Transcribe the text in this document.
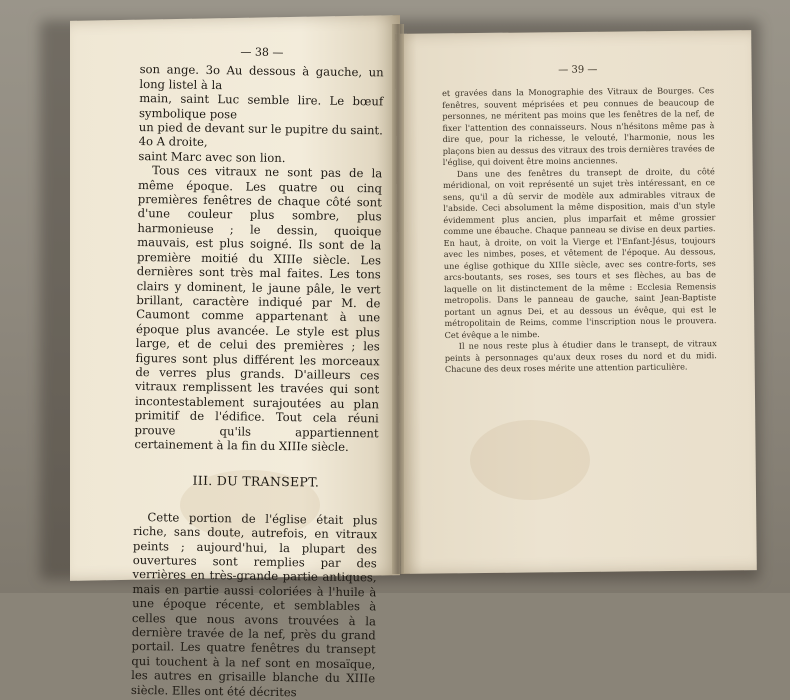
— 38 —

son ange. 3o Au dessous à gauche, un long listel à la

main, saint Luc semble lire. Le bœuf symbolique pose

un pied de devant sur le pupitre du saint. 4o A droite,

saint Marc avec son lion.

Tous ces vitraux ne sont pas de la même époque. Les quatre ou cinq premières fenêtres de chaque côté sont d'une couleur plus sombre, plus harmonieuse ; le dessin, quoique mauvais, est plus soigné. Ils sont de la première moitié du XIIIe siècle. Les dernières sont très mal faites. Les tons clairs y dominent, le jaune pâle, le vert brillant, caractère indiqué par M. de Caumont comme appartenant à une époque plus avancée. Le style est plus large, et de celui des premières ; les figures sont plus différent les morceaux de verres plus grands. D'ailleurs ces vitraux remplissent les travées qui sont incontestablement surajoutées au plan primitif de l'édifice. Tout cela réuni prouve qu'ils appartiennent certainement à la fin du XIIIe siècle.

III. DU TRANSEPT.

Cette portion de l'église était plus riche, sans doute, autrefois, en vitraux peints ; aujourd'hui, la plupart des ouvertures sont remplies par des verrières en très-grande partie antiques, mais en partie aussi coloriées à l'huile à une époque récente, et semblables à celles que nous avons trouvées à la dernière travée de la nef, près du grand portail. Les quatre fenêtres du transept qui touchent à la nef sont en mosaïque, les autres en grisaille blanche du XIIIe siècle. Elles ont été décrites

— 39 —

et gravées dans la Monographie des Vitraux de Bourges. Ces fenêtres, souvent méprisées et peu connues de beaucoup de personnes, ne méritent pas moins que les fenêtres de la nef, de fixer l'attention des connaisseurs. Nous n'hésitons même pas à dire que, pour la richesse, le velouté, l'harmonie, nous les plaçons bien au dessus des vitraux des trois dernières travées de l'église, qui doivent être moins anciennes.

Dans une des fenêtres du transept de droite, du côté méridional, on voit représenté un sujet très intéressant, en ce sens, qu'il a dû servir de modèle aux admirables vitraux de l'abside. Ceci absolument la même disposition, mais d'un style évidemment plus ancien, plus imparfait et même grossier comme une ébauche. Chaque panneau se divise en deux parties. En haut, à droite, on voit la Vierge et l'Enfant-Jésus, toujours avec les nimbes, poses, et vêtement de l'époque. Au dessous, une église gothique du XIIIe siècle, avec ses contre-forts, ses arcs-boutants, ses roses, ses tours et ses flèches, au bas de laquelle on lit distinctement de la même : Ecclesia Remensis metropolis. Dans le panneau de gauche, saint Jean-Baptiste portant un agnus Dei, et au dessous un évêque, qui est le métropolitain de Reims, comme l'inscription nous le prouvera. Cet évêque a le nimbe.

Il ne nous reste plus à étudier dans le transept, de vitraux peints à personnages qu'aux deux roses du nord et du midi. Chacune des deux roses mérite une attention particulière.
